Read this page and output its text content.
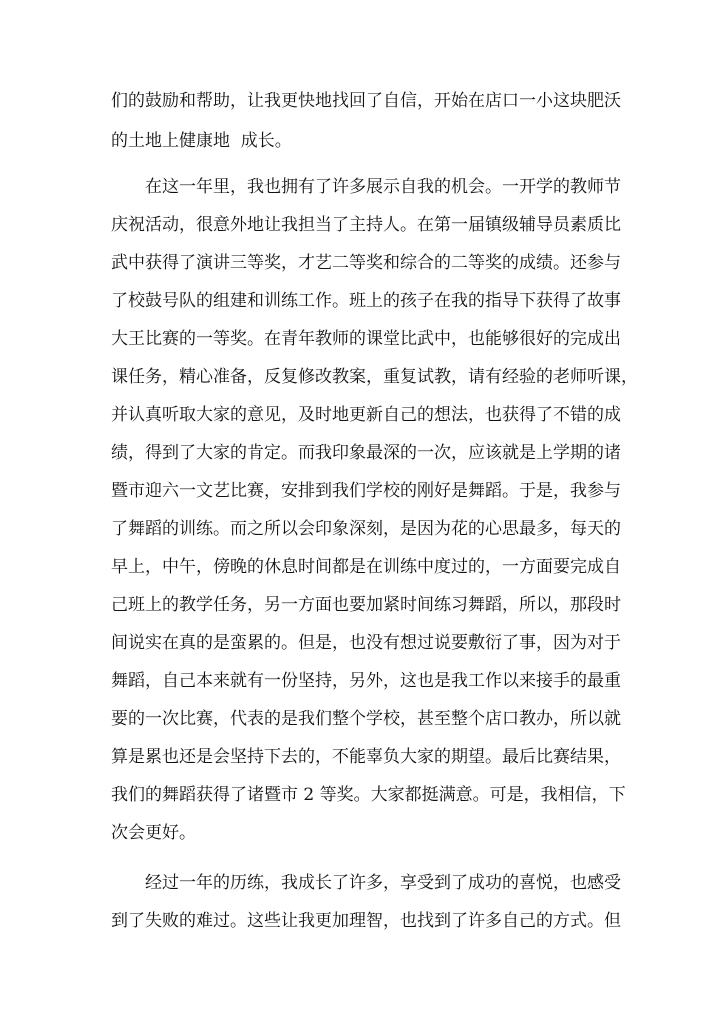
们的鼓励和帮助，让我更快地找回了自信，开始在店口一小这块肥沃
的土地上健康地  成长。
在这一年里，我也拥有了许多展示自我的机会。一开学的教师节
庆祝活动，很意外地让我担当了主持人。在第一届镇级辅导员素质比
武中获得了演讲三等奖，才艺二等奖和综合的二等奖的成绩。还参与
了校鼓号队的组建和训练工作。班上的孩子在我的指导下获得了故事
大王比赛的一等奖。在青年教师的课堂比武中，也能够很好的完成出
课任务，精心准备，反复修改教案，重复试教，请有经验的老师听课，
并认真听取大家的意见，及时地更新自己的想法，也获得了不错的成
绩，得到了大家的肯定。而我印象最深的一次，应该就是上学期的诸
暨市迎六一文艺比赛，安排到我们学校的刚好是舞蹈。于是，我参与
了舞蹈的训练。而之所以会印象深刻，是因为花的心思最多，每天的
早上，中午，傍晚的休息时间都是在训练中度过的，一方面要完成自
己班上的教学任务，另一方面也要加紧时间练习舞蹈，所以，那段时
间说实在真的是蛮累的。但是，也没有想过说要敷衍了事，因为对于
舞蹈，自己本来就有一份坚持，另外，这也是我工作以来接手的最重
要的一次比赛，代表的是我们整个学校，甚至整个店口教办，所以就
算是累也还是会坚持下去的，不能辜负大家的期望。最后比赛结果，
我们的舞蹈获得了诸暨市 2 等奖。大家都挺满意。可是，我相信，下
次会更好。
经过一年的历练，我成长了许多，享受到了成功的喜悦，也感受
到了失败的难过。这些让我更加理智，也找到了许多自己的方式。但
